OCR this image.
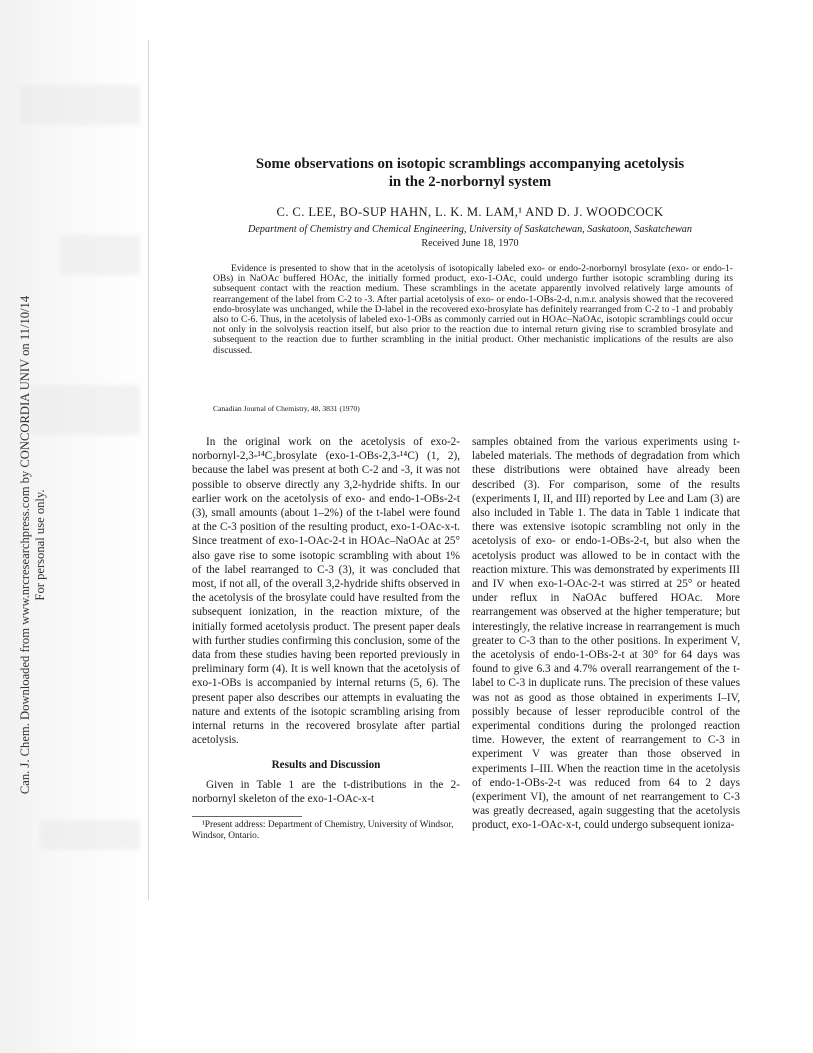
Can. J. Chem. Downloaded from www.nrcresearchpress.com by CONCORDIA UNIV on 11/10/14 For personal use only.
Some observations on isotopic scramblings accompanying acetolysis
in the 2-norbornyl system
C. C. LEE, BO-SUP HAHN, L. K. M. LAM,¹ AND D. J. WOODCOCK
Department of Chemistry and Chemical Engineering, University of Saskatchewan, Saskatoon, Saskatchewan
Received June 18, 1970
Evidence is presented to show that in the acetolysis of isotopically labeled exo- or endo-2-norbornyl brosylate (exo- or endo-1-OBs) in NaOAc buffered HOAc, the initially formed product, exo-1-OAc, could undergo further isotopic scrambling during its subsequent contact with the reaction medium. These scramblings in the acetate apparently involved relatively large amounts of rearrangement of the label from C-2 to -3. After partial acetolysis of exo- or endo-1-OBs-2-d, n.m.r. analysis showed that the recovered endo-brosylate was unchanged, while the D-label in the recovered exo-brosylate has definitely rearranged from C-2 to -1 and probably also to C-6. Thus, in the acetolysis of labeled exo-1-OBs as commonly carried out in HOAc–NaOAc, isotopic scramblings could occur not only in the solvolysis reaction itself, but also prior to the reaction due to internal return giving rise to scrambled brosylate and subsequent to the reaction due to further scrambling in the initial product. Other mechanistic implications of the results are also discussed.
Canadian Journal of Chemistry, 48, 3831 (1970)
In the original work on the acetolysis of exo-2-norbornyl-2,3-¹⁴C₂brosylate (exo-1-OBs-2,3-¹⁴C) (1, 2), because the label was present at both C-2 and -3, it was not possible to observe directly any 3,2-hydride shifts. In our earlier work on the acetolysis of exo- and endo-1-OBs-2-t (3), small amounts (about 1–2%) of the t-label were found at the C-3 position of the resulting product, exo-1-OAc-x-t. Since treatment of exo-1-OAc-2-t in HOAc–NaOAc at 25° also gave rise to some isotopic scrambling with about 1% of the label rearranged to C-3 (3), it was concluded that most, if not all, of the overall 3,2-hydride shifts observed in the acetolysis of the brosylate could have resulted from the subsequent ionization, in the reaction mixture, of the initially formed acetolysis product. The present paper deals with further studies confirming this conclusion, some of the data from these studies having been reported previously in preliminary form (4). It is well known that the acetolysis of exo-1-OBs is accompanied by internal returns (5, 6). The present paper also describes our attempts in evaluating the nature and extents of the isotopic scrambling arising from internal returns in the recovered brosylate after partial acetolysis.
Results and Discussion
Given in Table 1 are the t-distributions in the 2-norbornyl skeleton of the exo-1-OAc-x-t
¹Present address: Department of Chemistry, University of Windsor, Windsor, Ontario.
samples obtained from the various experiments using t-labeled materials. The methods of degradation from which these distributions were obtained have already been described (3). For comparison, some of the results (experiments I, II, and III) reported by Lee and Lam (3) are also included in Table 1. The data in Table 1 indicate that there was extensive isotopic scrambling not only in the acetolysis of exo- or endo-1-OBs-2-t, but also when the acetolysis product was allowed to be in contact with the reaction mixture. This was demonstrated by experiments III and IV when exo-1-OAc-2-t was stirred at 25° or heated under reflux in NaOAc buffered HOAc. More rearrangement was observed at the higher temperature; but interestingly, the relative increase in rearrangement is much greater to C-3 than to the other positions. In experiment V, the acetolysis of endo-1-OBs-2-t at 30° for 64 days was found to give 6.3 and 4.7% overall rearrangement of the t-label to C-3 in duplicate runs. The precision of these values was not as good as those obtained in experiments I–IV, possibly because of lesser reproducible control of the experimental conditions during the prolonged reaction time. However, the extent of rearrangement to C-3 in experiment V was greater than those observed in experiments I–III. When the reaction time in the acetolysis of endo-1-OBs-2-t was reduced from 64 to 2 days (experiment VI), the amount of net rearrangement to C-3 was greatly decreased, again suggesting that the acetolysis product, exo-1-OAc-x-t, could undergo subsequent ioniza-
